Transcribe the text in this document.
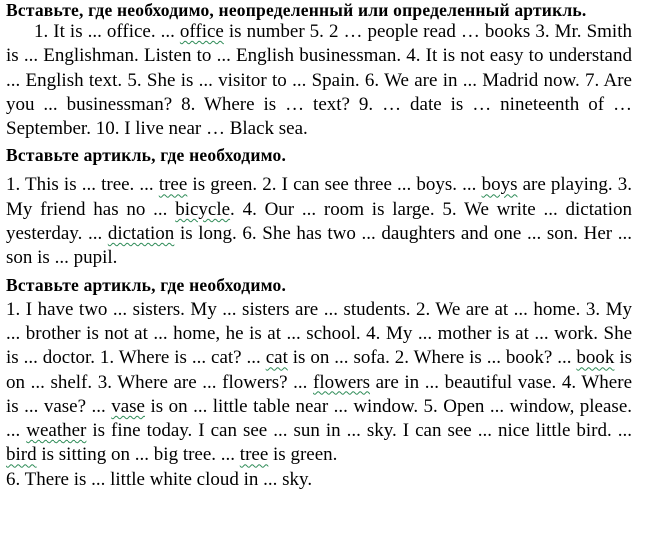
Вставьте, где необходимо, неопределенный или определенный артикль.

1. It is ... office. ... office is number 5. 2 … people read … books 3. Mr. Smith is ... Englishman. Listen to ... English businessman. 4. It is not easy to understand ... English text. 5. She is ... visitor to ... Spain. 6. We are in ... Madrid now. 7. Are you ... businessman? 8. Where is … text? 9. … date is … nineteenth of … September. 10. I live near … Black sea.

Вставьте артикль, где необходимо.

1. This is ... tree. ... tree is green. 2. I can see three ... boys. ... boys are playing. 3. My friend has no ... bicycle. 4. Our ... room is large. 5. We write ... dictation yesterday. ... dictation is long. 6. She has two ... daughters and one ... son. Her ... son is ... pupil.

Вставьте артикль, где необходимо.

1. I have two ... sisters. My ... sisters are ... students. 2. We are at ... home. 3. My ... brother is not at ... home, he is at ... school. 4. My ... mother is at ... work. She is ... doctor. 1. Where is ... cat? ... cat is on ... sofa. 2. Where is ... book? ... book is on ... shelf. 3. Where are ... flowers? ... flowers are in ... beautiful vase. 4. Where is ... vase? ... vase is on ... little table near ... window. 5. Open ... window, please. ... weather is fine today. I can see ... sun in ... sky. I can see ... nice little bird. ... bird is sitting on ... big tree. ... tree is green.

6. There is ... little white cloud in ... sky.
